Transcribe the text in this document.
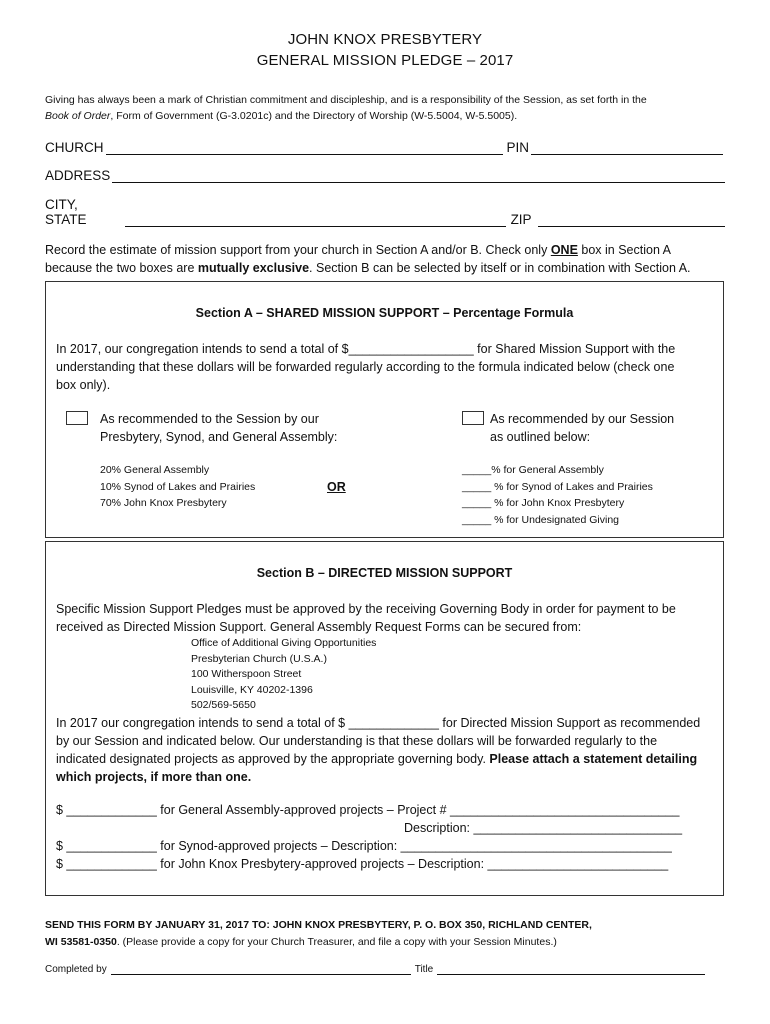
JOHN KNOX PRESBYTERY
GENERAL MISSION PLEDGE – 2017
Giving has always been a mark of Christian commitment and discipleship, and is a responsibility of the Session, as set forth in the
Book of Order, Form of Government (G-3.0201c) and the Directory of Worship (W-5.5004, W-5.5005).
CHURCH	PIN
ADDRESS
CITY, STATE	ZIP
Record the estimate of mission support from your church in Section A and/or B. Check only ONE box in Section A
because the two boxes are mutually exclusive. Section B can be selected by itself or in combination with Section A.
Section A – SHARED MISSION SUPPORT – Percentage Formula
In 2017, our congregation intends to send a total of $__________________ for Shared Mission Support with the
understanding that these dollars will be forwarded regularly according to the formula indicated below (check one
box only).
As recommended to the Session by our
Presbytery, Synod, and General Assembly:
As recommended by our Session
as outlined below:
20% General Assembly
10% Synod of Lakes and Prairies
70% John Knox Presbytery
OR
_____% for General Assembly
_____ % for Synod of Lakes and Prairies
_____ % for John Knox Presbytery
_____ % for Undesignated Giving
Section B – DIRECTED MISSION SUPPORT
Specific Mission Support Pledges must be approved by the receiving Governing Body in order for payment to be
received as Directed Mission Support. General Assembly Request Forms can be secured from:
Office of Additional Giving Opportunities
Presbyterian Church (U.S.A.)
100 Witherspoon Street
Louisville, KY 40202-1396
502/569-5650
In 2017 our congregation intends to send a total of $ _____________ for Directed Mission Support as recommended
by our Session and indicated below. Our understanding is that these dollars will be forwarded regularly to the
indicated designated projects as approved by the appropriate governing body. Please attach a statement detailing
which projects, if more than one.
$ _____________ for General Assembly-approved projects – Project # _________________________________
Description: ______________________________
$ _____________ for Synod-approved projects – Description: _______________________________________
$ _____________ for John Knox Presbytery-approved projects – Description: __________________________
SEND THIS FORM BY JANUARY 31, 2017 TO: JOHN KNOX PRESBYTERY, P. O. BOX 350, RICHLAND CENTER,
WI 53581-0350. (Please provide a copy for your Church Treasurer, and file a copy with your Session Minutes.)
Completed by	Title
